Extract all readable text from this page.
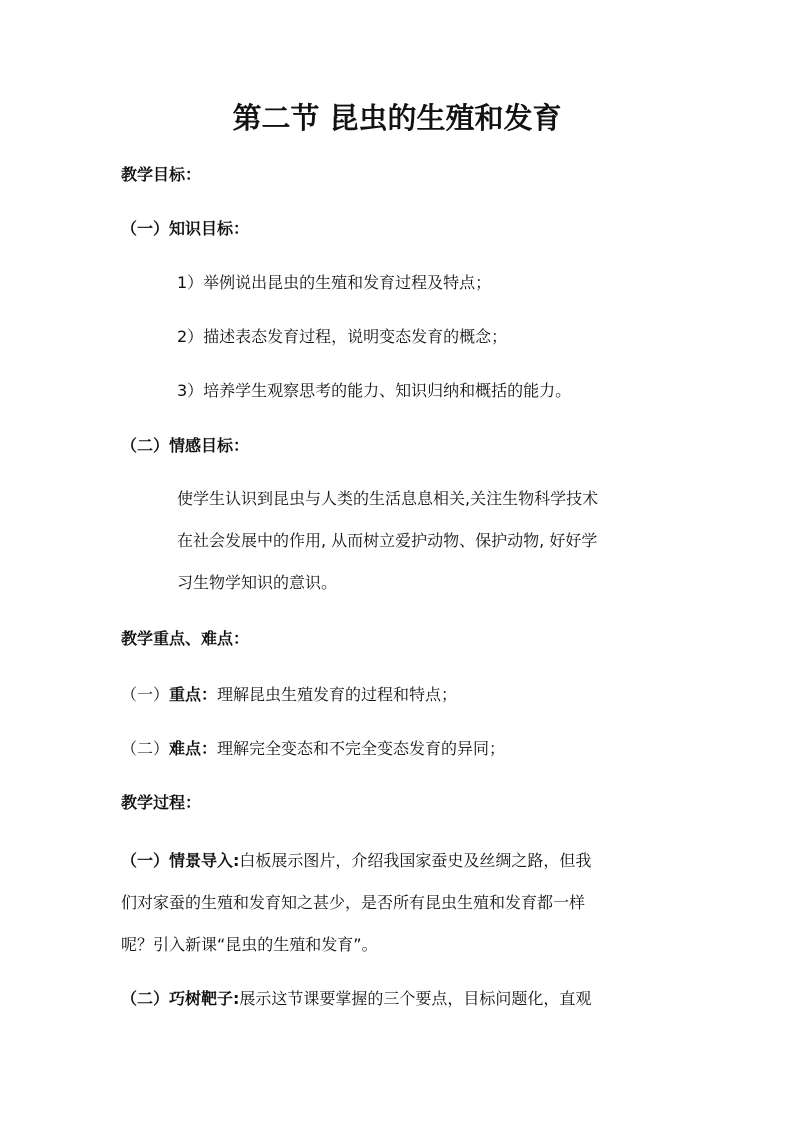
第二节 昆虫的生殖和发育
教学目标：
（一）知识目标：
1）举例说出昆虫的生殖和发育过程及特点；
2）描述表态发育过程，说明变态发育的概念；
3）培养学生观察思考的能力、知识归纳和概括的能力。
（二）情感目标：
使学生认识到昆虫与人类的生活息息相关,关注生物科学技术
在社会发展中的作用, 从而树立爱护动物、保护动物, 好好学
习生物学知识的意识。
教学重点、难点：
（一）重点：理解昆虫生殖发育的过程和特点；
（二）难点：理解完全变态和不完全变态发育的异同；
教学过程：
（一）情景导入:白板展示图片，介绍我国家蚕史及丝绸之路，但我
们对家蚕的生殖和发育知之甚少，是否所有昆虫生殖和发育都一样
呢？引入新课“昆虫的生殖和发育”。
（二）巧树靶子:展示这节课要掌握的三个要点，目标问题化，直观
